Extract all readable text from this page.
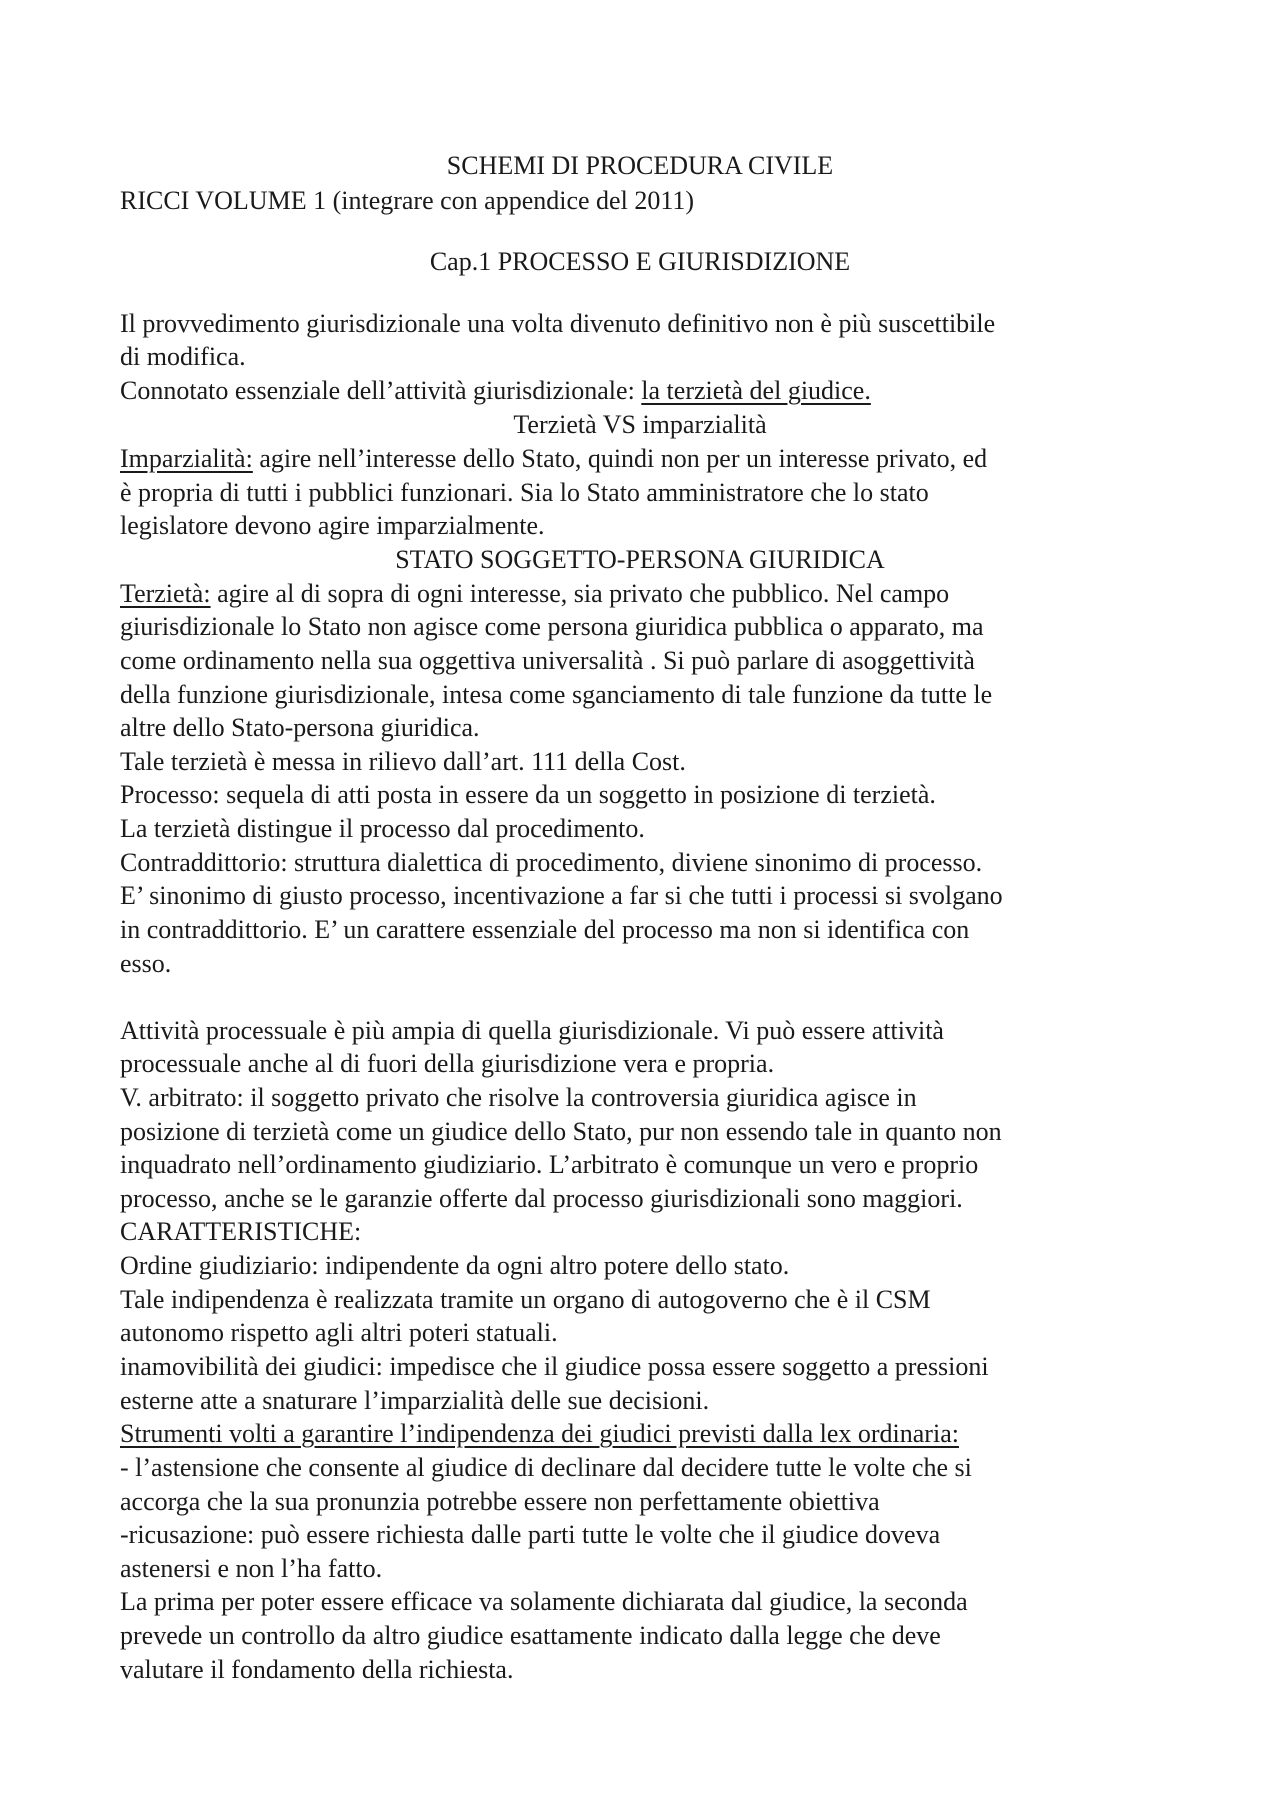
SCHEMI DI PROCEDURA CIVILE
RICCI VOLUME 1 (integrare con appendice del 2011)
Cap.1 PROCESSO E GIURISDIZIONE
Il provvedimento giurisdizionale una volta divenuto definitivo non è più suscettibile
di modifica.
Connotato essenziale dell’attività giurisdizionale: la terzietà del giudice.
Terzietà VS imparzialità
Imparzialità: agire nell’interesse dello Stato, quindi non per un interesse privato, ed
è propria di tutti i pubblici funzionari. Sia lo Stato amministratore che lo stato
legislatore devono agire imparzialmente.
STATO SOGGETTO-PERSONA GIURIDICA
Terzietà: agire al di sopra di ogni interesse, sia privato che pubblico. Nel campo
giurisdizionale lo Stato non agisce come persona giuridica pubblica o apparato, ma
come ordinamento nella sua oggettiva universalità . Si può parlare di asoggettività
della funzione giurisdizionale, intesa come sganciamento di tale funzione da tutte le
altre dello Stato-persona giuridica.
Tale terzietà è messa in rilievo dall’art. 111 della Cost.
Processo: sequela di atti posta in essere da un soggetto in posizione di terzietà.
La terzietà distingue il processo dal procedimento.
Contraddittorio: struttura dialettica di procedimento, diviene sinonimo di processo.
E’ sinonimo di giusto processo, incentivazione a far si che tutti i processi si svolgano
in contraddittorio. E’ un carattere essenziale del processo ma non si identifica con
esso.
Attività processuale è più ampia di quella giurisdizionale. Vi può essere attività
processuale anche al di fuori della giurisdizione vera e propria.
V. arbitrato: il soggetto privato che risolve la controversia giuridica agisce in
posizione di terzietà come un giudice dello Stato, pur non essendo tale in quanto non
inquadrato nell’ordinamento giudiziario. L’arbitrato è comunque un vero e proprio
processo, anche se le garanzie offerte dal processo giurisdizionali sono maggiori.
CARATTERISTICHE:
Ordine giudiziario: indipendente da ogni altro potere dello stato.
Tale indipendenza è realizzata tramite un organo di autogoverno che è il CSM
autonomo rispetto agli altri poteri statuali.
inamovibilità dei giudici: impedisce che il giudice possa essere soggetto a pressioni
esterne atte a snaturare l’imparzialità delle sue decisioni.
Strumenti volti a garantire l’indipendenza dei giudici previsti dalla lex ordinaria:
- l’astensione che consente al giudice di declinare dal decidere tutte le volte che si
accorga che la sua pronunzia potrebbe essere non perfettamente obiettiva
-ricusazione: può essere richiesta dalle parti tutte le volte che il giudice doveva
astenersi e non l’ha fatto.
La prima per poter essere efficace va solamente dichiarata dal giudice, la seconda
prevede un controllo da altro giudice esattamente indicato dalla legge che deve
valutare il fondamento della richiesta.
